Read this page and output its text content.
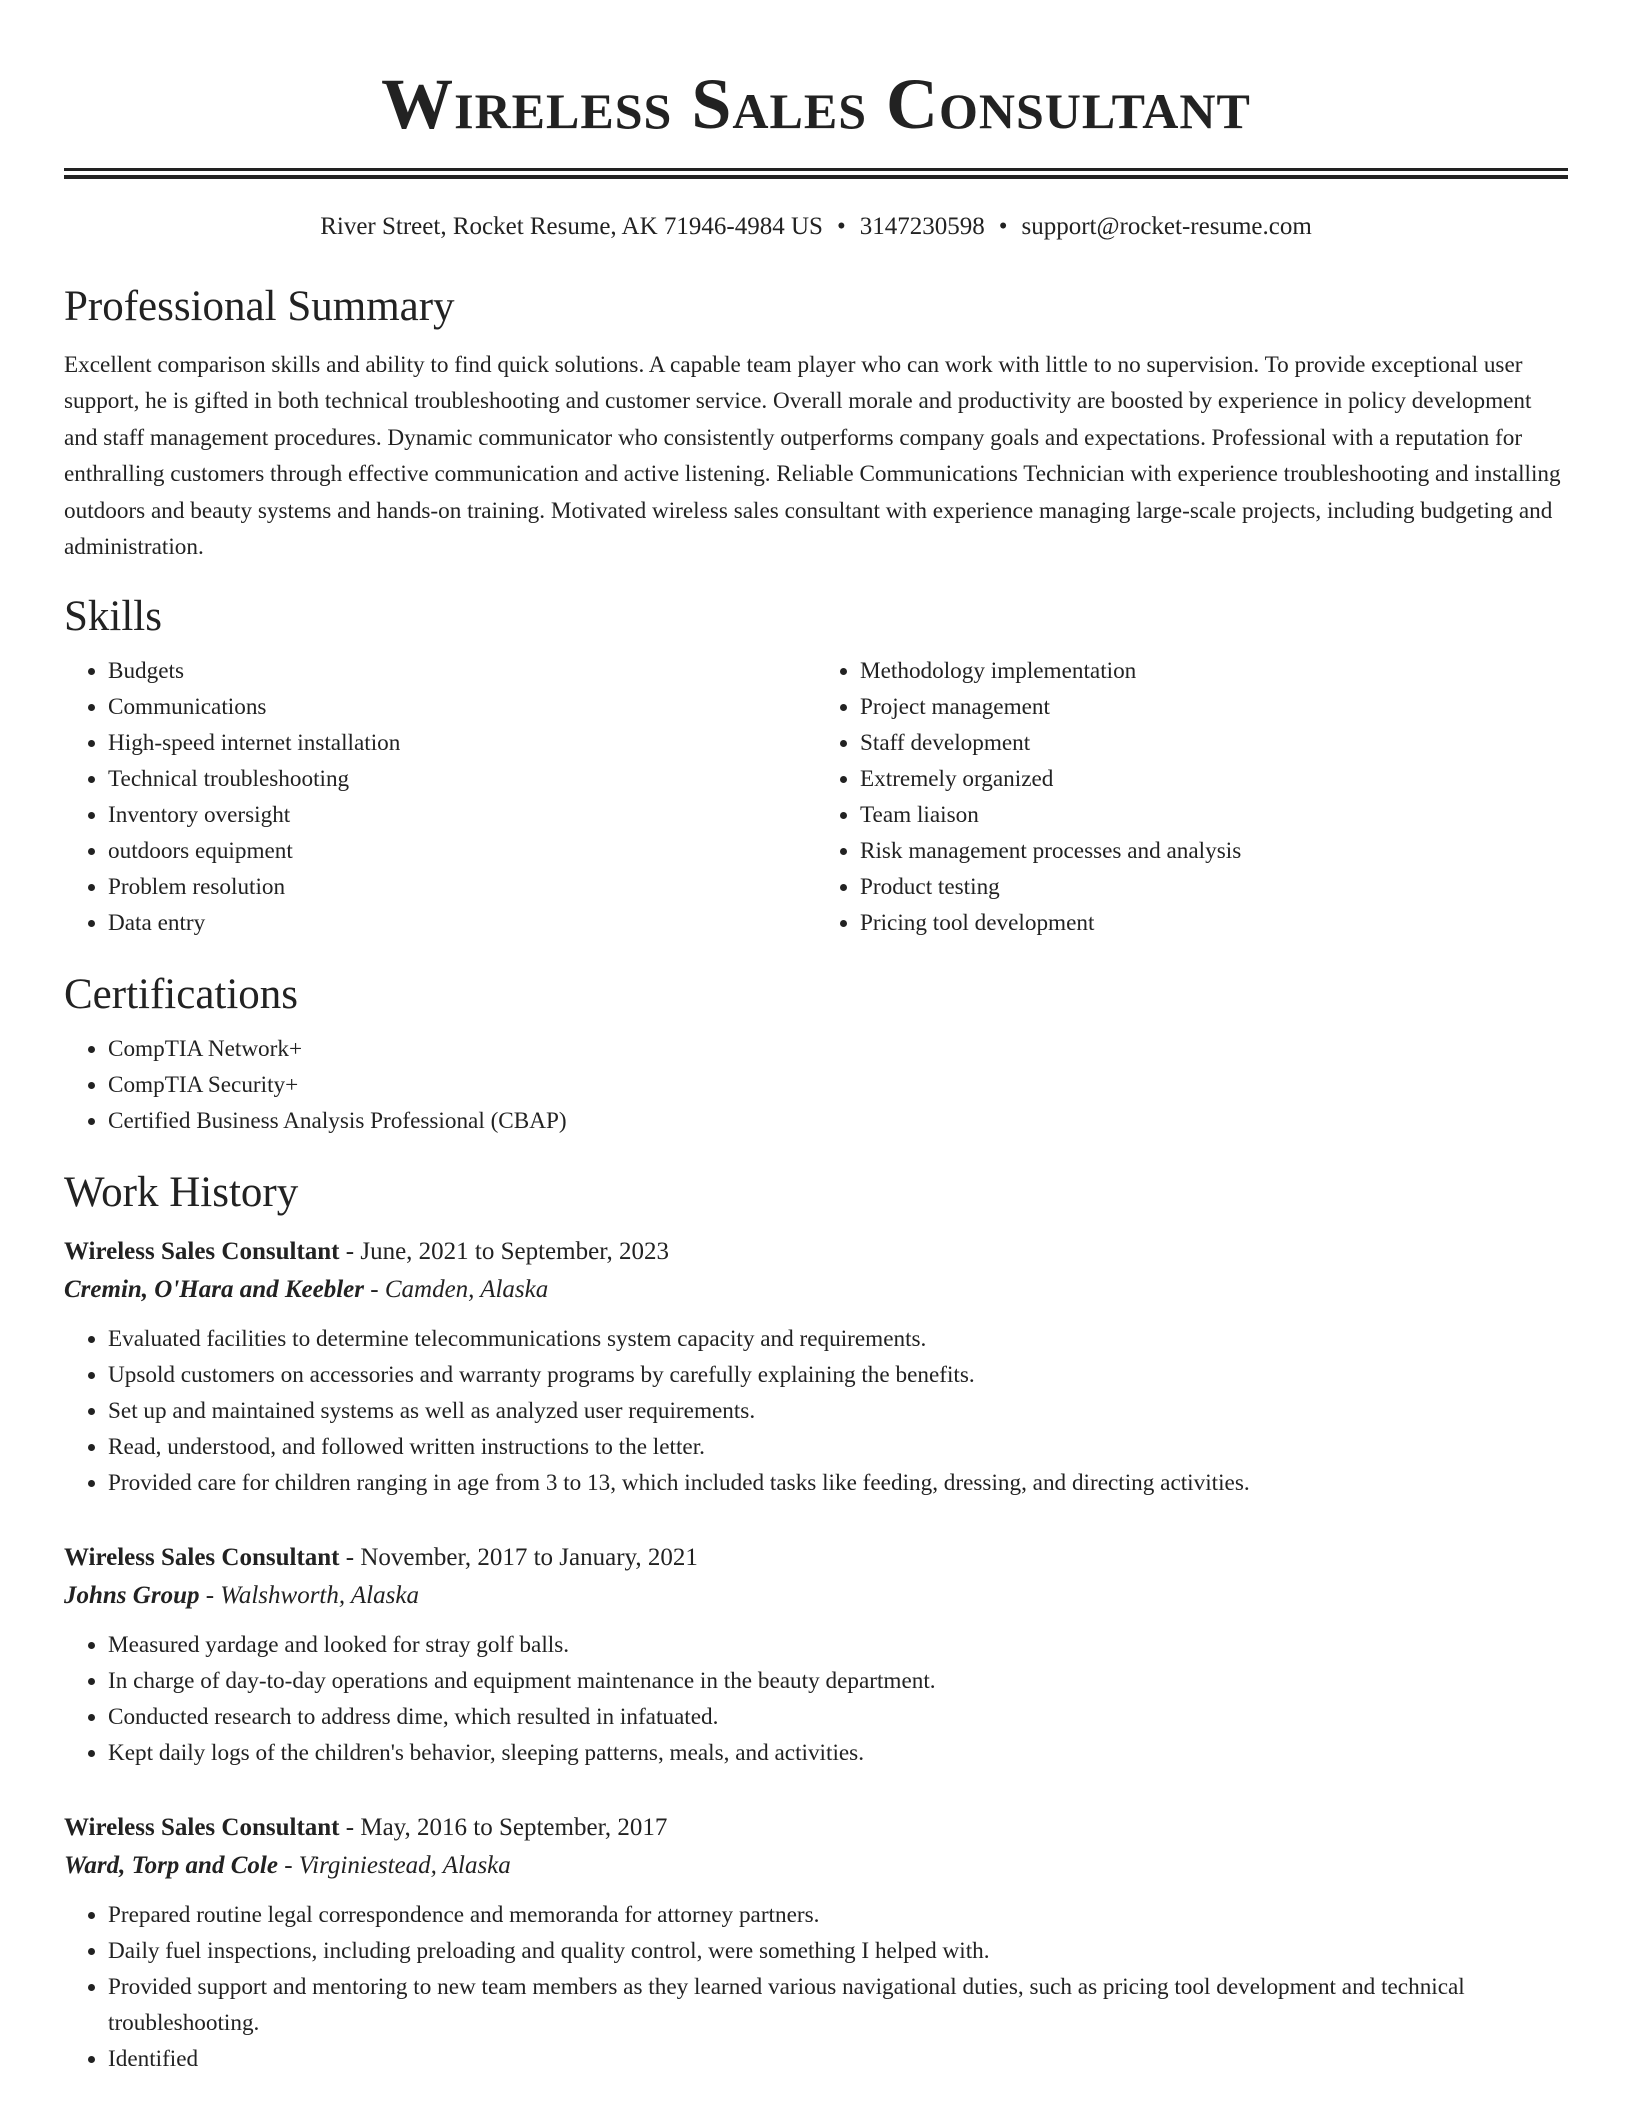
Wireless Sales Consultant
River Street, Rocket Resume, AK 71946-4984 US • 3147230598 • support@rocket-resume.com
Professional Summary

Excellent comparison skills and ability to find quick solutions. A capable team player who can work with little to no supervision. To provide exceptional user support, he is gifted in both technical troubleshooting and customer service. Overall morale and productivity are boosted by experience in policy development and staff management procedures. Dynamic communicator who consistently outperforms company goals and expectations. Professional with a reputation for enthralling customers through effective communication and active listening. Reliable Communications Technician with experience troubleshooting and installing outdoors and beauty systems and hands-on training. Motivated wireless sales consultant with experience managing large-scale projects, including budgeting and administration.

Skills
• Budgets
• Communications
• High-speed internet installation
• Technical troubleshooting
• Inventory oversight
• outdoors equipment
• Problem resolution
• Data entry
• Methodology implementation
• Project management
• Staff development
• Extremely organized
• Team liaison
• Risk management processes and analysis
• Product testing
• Pricing tool development
Certifications
• CompTIA Network+
• CompTIA Security+
• Certified Business Analysis Professional (CBAP)
Work History
Wireless Sales Consultant - June, 2021 to September, 2023
Cremin, O'Hara and Keebler - Camden, Alaska
• Evaluated facilities to determine telecommunications system capacity and requirements.
• Upsold customers on accessories and warranty programs by carefully explaining the benefits.
• Set up and maintained systems as well as analyzed user requirements.
• Read, understood, and followed written instructions to the letter.
• Provided care for children ranging in age from 3 to 13, which included tasks like feeding, dressing, and directing activities.
Wireless Sales Consultant - November, 2017 to January, 2021
Johns Group - Walshworth, Alaska
• Measured yardage and looked for stray golf balls.
• In charge of day-to-day operations and equipment maintenance in the beauty department.
• Conducted research to address dime, which resulted in infatuated.
• Kept daily logs of the children's behavior, sleeping patterns, meals, and activities.
Wireless Sales Consultant - May, 2016 to September, 2017
Ward, Torp and Cole - Virginiestead, Alaska
• Prepared routine legal correspondence and memoranda for attorney partners.
• Daily fuel inspections, including preloading and quality control, were something I helped with.
• Provided support and mentoring to new team members as they learned various navigational duties, such as pricing tool development and technical troubleshooting.
• Identified
